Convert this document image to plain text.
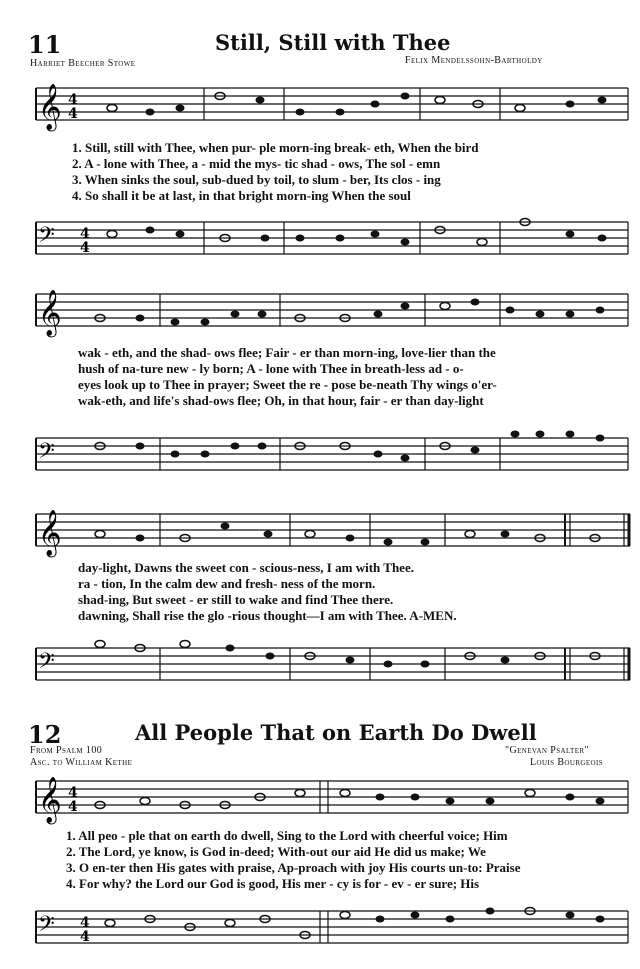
11	Still, Still with Thee
Harriet Beecher Stowe	Felix Mendelssohn-Bartholdy
𝄞 4
4
1. Still, still with Thee, when pur- ple morn-ing break- eth, When the bird
2. A - lone with Thee, a - mid the mys- tic shad - ows, The sol - emn
3. When sinks the soul, sub-dued by toil, to slum - ber, Its clos - ing
4. So shall it be at last, in that bright morn-ing When the soul
𝄢 4
4
𝄞
wak - eth, and the shad- ows flee; Fair - er than morn-ing, love-lier than the
hush of na-ture new - ly born; A - lone with Thee in breath-less ad - o-
eyes look up to Thee in prayer; Sweet the re - pose be-neath Thy wings o'er-
wak-eth, and life's shad-ows flee; Oh, in that hour, fair - er than day-light
𝄢
𝄞
day-light, Dawns the sweet con - scious-ness, I am with Thee.
ra - tion, In the calm dew and fresh- ness of the morn.
shad-ing, But sweet - er still to wake and find Thee there.
dawning, Shall rise the glo -rious thought—I am with Thee. A-MEN.
𝄢
12	All People That on Earth Do Dwell
From Psalm 100
Asc. to William Kethe
"Genevan Psalter"
Louis Bourgeois
𝄞 4
4
1. All peo - ple that on earth do dwell, Sing to the Lord with cheerful voice; Him
2. The Lord, ye know, is God in-deed; With-out our aid He did us make; We
3. O en-ter then His gates with praise, Ap-proach with joy His courts un-to: Praise
4. For why? the Lord our God is good, His mer - cy is for - ev - er sure; His
𝄢 4
4
